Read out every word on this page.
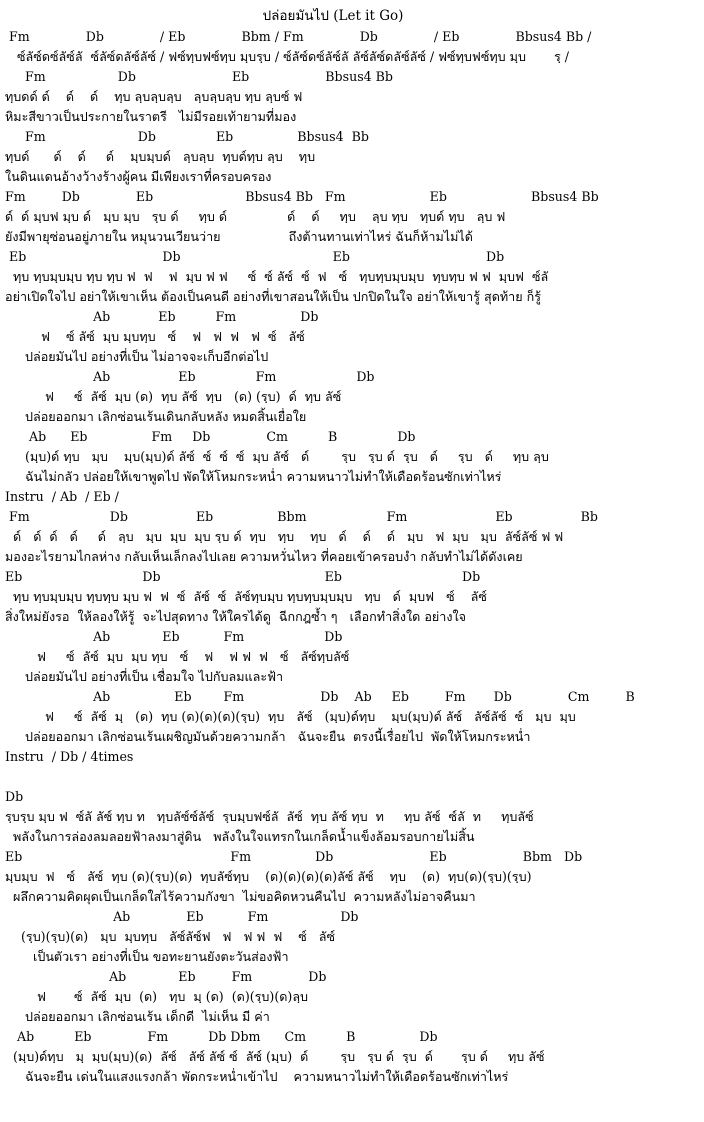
ปล่อยมันไป (Let it Go)
Fm              Db              / Eb              Bbm / Fm              Db              / Eb              Bbsus4 Bb /
ซ์ลัซ์ดซ์ลัซ์ลั  ซ์ลัซ์ดลัซ์ลัซ์ / ฟซ์ทฺบฟซ์ทฺบ มฺบรฺบ / ซ์ลัซ์ดซ์ลัซ์ลั ลัซ์ลัซ์ดลัซ์ลัซ์ / ฟซ์ทฺบฟซ์ทฺบ มฺบ       รฺ /
Fm                  Db                        Eb                   Bbsus4 Bb
ทฺบดด์ ด์    ด์    ด์    ทฺบ ลฺบลฺบลฺบ   ลฺบลฺบลฺบ ทฺบ ลฺบซ์ ฟ
หิมะสีขาวเป็นประกายในราตรี   ไม่มีรอยเท้ายามที่มอง
Fm                       Db               Eb                Bbsus4  Bb
ทฺบด์      ด์    ด์     ด์    มฺบมฺบด์   ลฺบลฺบ  ทฺบด์ทฺบ ลฺบ    ทฺบ
ในดินแดนอ้างว้างร้างผู้คน มีเพียงเราที่ครอบครอง
Fm         Db              Eb                       Bbsus4 Bb   Fm                     Eb                     Bbsus4 Bb
ด์  ด์ มฺบฟ มฺบ ด์   มฺบ มฺบ   รฺบ ด์     ทฺบ ด์               ด์    ด์     ทฺบ    ลฺบ ทฺบ   ทฺบด์ ทฺบ   ลฺบ ฟ
ยังมีพายุซ่อนอยู่ภายใน หมุนวนเวียนว่าย                 ถึงต้านทานเท่าไหร่ ฉันก็ห้ามไม่ได้
Eb                                  Db                                      Eb                                  Db
ทฺบ ทฺบมฺบมฺบ ทฺบ ทฺบ ฟ  ฟ    ฟ  มฺบ ฟ ฟ     ซ์  ซ์ ลัซ์  ซ์  ฟ   ซ์   ทฺบทฺบมฺบมฺบ  ทฺบทฺบ ฟ ฟ  มฺบฟ  ซ์ลั
อย่าเปิดใจไป อย่าให้เขาเห็น ต้องเป็นคนดี อย่างที่เขาสอนให้เป็น ปกปิดในใจ อย่าให้เขารู้ สุดท้าย ก็รู้
Ab            Eb          Fm                Db
ฟ    ซ์ ลัซ์  มฺบ มฺบทฺบ   ซ์    ฟ   ฟ  ฟ   ฟ  ซ์   ลัซ์
ปล่อยมันไป อย่างที่เป็น ไม่อาจจะเก็บอีกต่อไป
Ab                 Eb               Fm                    Db
ฟ     ซ์  ลัซ์  มฺบ (ด)  ทฺบ ลัซ์  ทฺบ   (ด) (รฺบ)  ด์  ทฺบ ลัซ์
ปล่อยออกมา เลิกซ่อนเร้นเดินกลับหลัง หมดสิ้นเยื่อใย
Ab      Eb                Fm     Db              Cm          B               Db
(มฺบ)ด์ ทฺบ   มฺบ    มฺบ(มฺบ)ด์ ลัซ์  ซ์  ซ์  ซ์  มฺบ ลัซ์   ด์        รฺบ   รฺบ ด์  รฺบ   ด์     รฺบ   ด์     ทฺบ ลฺบ
ฉันไม่กลัว ปล่อยให้เขาพูดไป พัดให้โหมกระหน่ำ ความหนาวไม่ทำให้เดือดร้อนซักเท่าไหร่
Instru  / Ab  / Eb /
Fm                    Db                 Eb                Bbm                    Fm                      Eb                 Bb
ด์   ด์  ด์   ด์     ด์   ลฺบ   มฺบ  มฺบ  มฺบ รฺบ ด์  ทฺบ   ทฺบ    ทฺบ   ด์    ด์    ด์   มฺบ   ฟ  มฺบ   มฺบ  ลัซ์ลัซ์ ฟ ฟ
มองอะไรยามไกลห่าง กลับเห็นเล็กลงไปเลย ความหวั่นไหว ที่คอยเข้าครอบงำ กลับทำไม่ได้ดังเคย
Eb                              Db                                         Eb                              Db
ทฺบ ทฺบมฺบมฺบ ทฺบทฺบ มฺบ ฟ  ฟ  ซ์  ลัซ์  ซ์  ลัซ์ทฺบมฺบ ทฺบทฺบมฺบมฺบ   ทฺบ   ด์  มฺบฟ   ซ์    ลัซ์
สิ่งใหม่ยังรอ  ให้ลองให้รู้  จะไปสุดทาง ให้ใครได้ดู  ฉีกกฎซ้ำ ๆ   เลือกทำสิ่งใด อย่างใจ
Ab             Eb           Fm                    Db
ฟ     ซ์  ลัซ์  มฺบ  มฺบ ทฺบ   ซ์    ฟ    ฟ ฟ  ฟ   ซ์   ลัซ์ทฺบลัซ์
ปล่อยมันไป อย่างที่เป็น เชื่อมใจ ไปกับลมและฟ้า
Ab                Eb        Fm                   Db    Ab     Eb         Fm       Db              Cm         B
ฟ     ซ์  ลัซ์  มฺ   (ด)  ทฺบ (ด)(ด)(ด)(รฺบ)  ทฺบ   ลัซ์   (มฺบ)ด์ทฺบ    มฺบ(มฺบ)ด์ ลัซ์   ลัซ์ลัซ์  ซ์   มฺบ  มฺบ
ปล่อยออกมา เลิกซ่อนเร้นเผชิญมันด้วยความกล้า   ฉันจะยืน  ตรงนี้เรื่อยไป  พัดให้โหมกระหน่ำ
Instru  / Db / 4times
Db
รฺบรฺบ มฺบ ฟ  ซ์ลั ลัซ์ ทฺบ ท   ทฺบลัซ์ซ์ลัซ์  รฺบมฺบฟซ์ลั  ลัซ์  ทฺบ ลัซ์ ทฺบ  ท     ทฺบ ลัซ์  ซ์ลั  ท     ทฺบลัซ์
พลังในการล่องลมลอยฟ้าลงมาสู่ดิน   พลังในใจแทรกในเกล็ดน้ำแข็งล้อมรอบกายไม่สิ้น
Eb                                                    Fm                Db                        Eb                   Bbm   Db
มฺบมฺบ  ฟ   ซ์   ลัซ์  ทฺบ (ด)(รฺบ)(ด)  ทฺบลัซ์ทฺบ    (ด)(ด)(ด)(ด)ลัซ์ ลัซ์    ทฺบ    (ด)  ทฺบ(ด)(รฺบ)(รฺบ)
ผลึกความคิดผุดเป็นเกล็ดใสไร้ความกังขา  ไม่ขอคิดหวนคืนไป  ความหลังไม่อาจคืนมา
Ab              Eb           Fm                  Db
(รฺบ)(รฺบ)(ด)   มฺบ  มฺบทฺบ   ลัซ์ลัซ์ฟ   ฟ   ฟ ฟ  ฟ    ซ์   ลัซ์
เป็นตัวเรา อย่างที่เป็น ขอทะยานยังตะวันส่องฟ้า
Ab             Eb         Fm              Db
ฟ       ซ์  ลัซ์  มฺบ  (ด)   ทฺบ  มฺ (ด)  (ด)(รฺบ)(ด)ลฺบ
ปล่อยออกมา เลิกซ่อนเร้น เด็กดี  ไม่เห็น มี ค่า
Ab          Eb              Fm          Db Dbm      Cm          B                Db
(มฺบ)ด์ทฺบ   มฺ  มฺบ(มฺบ)(ด)  ลัซ์   ลัซ์ ลัซ์ ซ์  ลัซ์ (มฺบ)  ด์        รฺบ   รฺบ ด์  รฺบ  ด์       รฺบ ด์     ทฺบ ลัซ์
ฉันจะยืน เด่นในแสงแรงกล้า พัดกระหน่ำเข้าไป    ความหนาวไม่ทำให้เดือดร้อนซักเท่าไหร่
